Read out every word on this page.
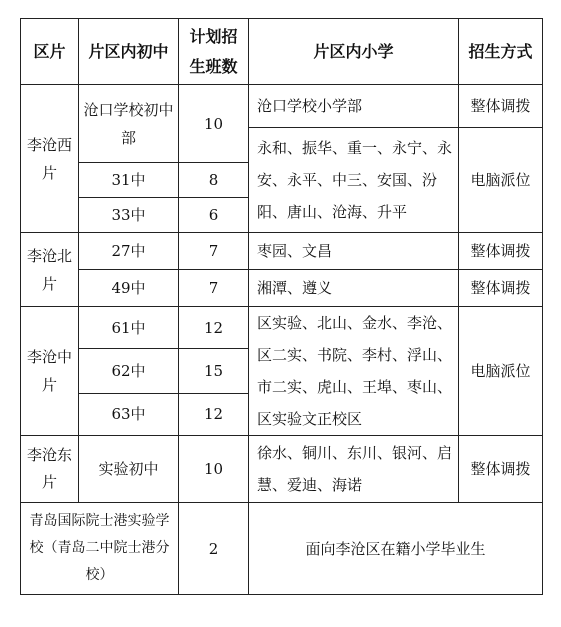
区片	片区内初中	计划招生班数	片区内小学	招生方式
李沧西片	沧口学校初中部	10	沧口学校小学部	整体调拨
			永和、振华、重一、永宁、永安、永平、中三、安国、汾阳、唐山、沧海、升平	电脑派位
	31中	8		
	33中	6		
李沧北片	27中	7	枣园、文昌	整体调拨
	49中	7	湘潭、遵义	整体调拨
李沧中片	61中	12	区实验、北山、金水、李沧、区二实、书院、李村、浮山、市二实、虎山、王埠、枣山、区实验文正校区	电脑派位
	62中	15		
	63中	12		
李沧东片	实验初中	10	徐水、铜川、东川、银河、启慧、爱迪、海诺	整体调拨
青岛国际院士港实验学校（青岛二中院士港分校）		2	面向李沧区在籍小学毕业生	
